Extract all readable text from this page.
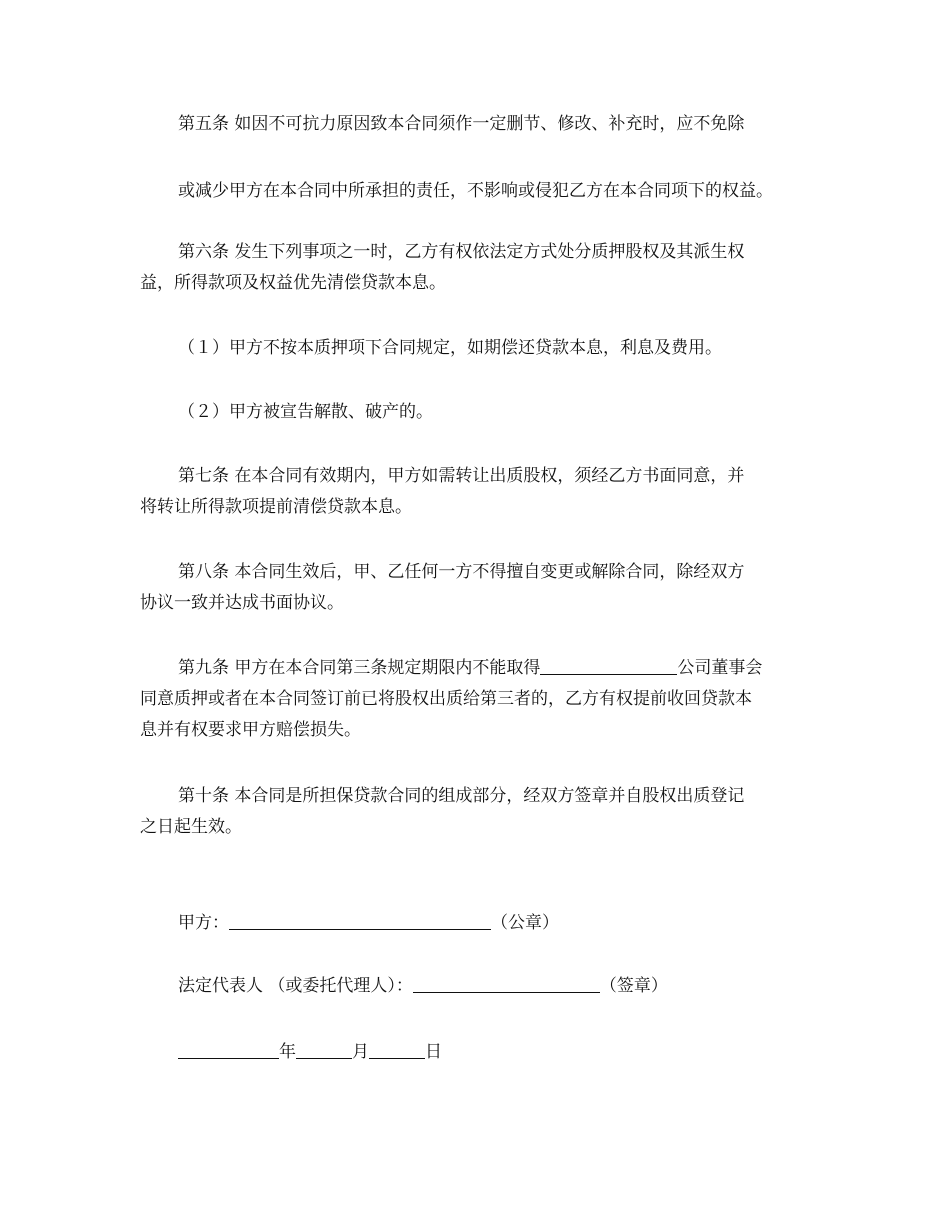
第五条 如因不可抗力原因致本合同须作一定删节、修改、补充时，应不免除
或减少甲方在本合同中所承担的责任，不影响或侵犯乙方在本合同项下的权益。
第六条 发生下列事项之一时，乙方有权依法定方式处分质押股权及其派生权
益，所得款项及权益优先清偿贷款本息。
（１）甲方不按本质押项下合同规定，如期偿还贷款本息，利息及费用。
（２）甲方被宣告解散、破产的。
第七条 在本合同有效期内，甲方如需转让出质股权，须经乙方书面同意，并
将转让所得款项提前清偿贷款本息。
第八条 本合同生效后，甲、乙任何一方不得擅自变更或解除合同，除经双方
协议一致并达成书面协议。
第九条 甲方在本合同第三条规定期限内不能取得	公司董事会
同意质押或者在本合同签订前已将股权出质给第三者的，乙方有权提前收回贷款本
息并有权要求甲方赔偿损失。
第十条 本合同是所担保贷款合同的组成部分，经双方签章并自股权出质登记
之日起生效。
甲方：	（公章）
法定代表人 （或委托代理人）：	（签章）
年	月	日
